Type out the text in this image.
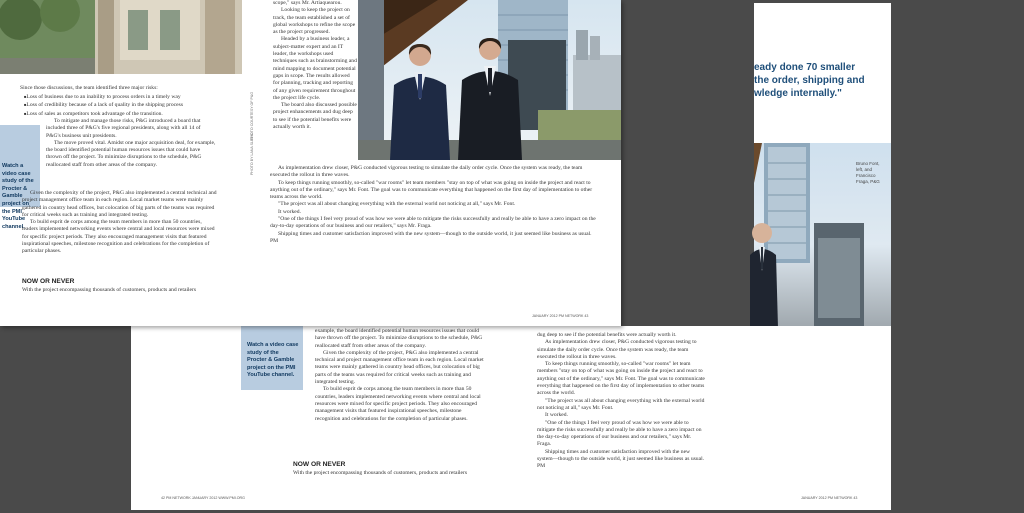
eady done 70 smaller

the order, shipping and

wledge internally."

Bruno Font, left, and Francisco Fraga, P&G

Watch a video case study of the Procter & Gamble project on the PMI YouTube channel.

example, the board identified potential human resources issues that could have thrown off the project. To minimize disruptions to the schedule, P&G reallocated staff from other areas of the company.

Given the complexity of the project, P&G also implemented a central technical and project management office team in each region. Local market teams were mainly gathered in country head offices, but colocation of big parts of the teams was required for critical weeks such as training and integrated testing.

To build esprit de corps among the team members in more than 50 countries, leaders implemented networking events where central and local resources were mixed for specific project periods. They also encouraged management visits that featured inspirational speeches, milestone recognition and celebrations for the completion of particular phases.

NOW OR NEVER

With the project encompassing thousands of customers, products and retailers

dug deep to see if the potential benefits were actually worth it.

As implementation drew closer, P&G conducted vigorous testing to simulate the daily order cycle. Once the system was ready, the team executed the rollout in three waves.

To keep things running smoothly, so-called "war rooms" let team members "stay on top of what was going on inside the project and react to anything out of the ordinary," says Mr. Font. The goal was to communicate everything that happened on the first day of implementation to other teams across the world.

"The project was all about changing everything with the external world not noticing at all," says Mr. Font.

It worked.

"One of the things I feel very proud of was how we were able to mitigate the risks successfully and really be able to have a zero impact on the day-to-day operations of our business and our retailers," says Mr. Fraga.

Shipping times and customer satisfaction improved with the new system—though to the outside world, it just seemed like business as usual. PM

42 PM NETWORK JANUARY 2012 WWW.PMI.ORG	JANUARY 2012 PM NETWORK 43

Since those discussions, the team identified three major risks:

■ Loss of business due to an inability to process orders in a timely way
■ Loss of credibility because of a lack of quality in the shipping process
■ Loss of sales as competitors took advantage of the transition.
Watch a video case study of the Procter & Gamble project on the PMI YouTube channel.

To mitigate and manage those risks, P&G introduced a board that included three of P&G's five regional presidents, along with all 14 of P&G's business unit presidents.

The move proved vital. Amidst one major acquisition deal, for example, the board identified potential human resources issues that could have thrown off the project. To minimize disruptions to the schedule, P&G reallocated staff from other areas of the company.

Given the complexity of the project, P&G also implemented a central technical and project management office team in each region. Local market teams were mainly gathered in country head offices, but colocation of big parts of the teams was required for critical weeks such as training and integrated testing.

To build esprit de corps among the team members in more than 50 countries, leaders implemented networking events where central and local resources were mixed for specific project periods. They also encouraged management visits that featured inspirational speeches, milestone recognition and celebrations for the completion of particular phases.

NOW OR NEVER

With the project encompassing thousands of customers, products and retailers

PHOTO COURTESY OF P&G

PHOTO BY LANA SLEZIC

scope," says Mr. Artiaquearou.

Looking to keep the project on track, the team established a set of global workshops to refine the scope as the project progressed.

Headed by a business leader, a subject-matter expert and an IT leader, the workshops used techniques such as brainstorming and mind mapping to document potential gaps in scope. The results allowed for planning, tracking and reporting of any given requirement throughout the project life cycle.

The board also discussed possible project enhancements and dug deep to see if the potential benefits were actually worth it.

As implementation drew closer, P&G conducted vigorous testing to simulate the daily order cycle. Once the system was ready, the team executed the rollout in three waves.

To keep things running smoothly, so-called "war rooms" let team members "stay on top of what was going on inside the project and react to anything out of the ordinary," says Mr. Font. The goal was to communicate everything that happened on the first day of implementation to other teams across the world.

"The project was all about changing everything with the external world not noticing at all," says Mr. Font.

It worked.

"One of the things I feel very proud of was how we were able to mitigate the risks successfully and really be able to have a zero impact on the day-to-day operations of our business and our retailers," says Mr. Fraga.

Shipping times and customer satisfaction improved with the new system—though to the outside world, it just seemed like business as usual. PM

JANUARY 2012 PM NETWORK 43
